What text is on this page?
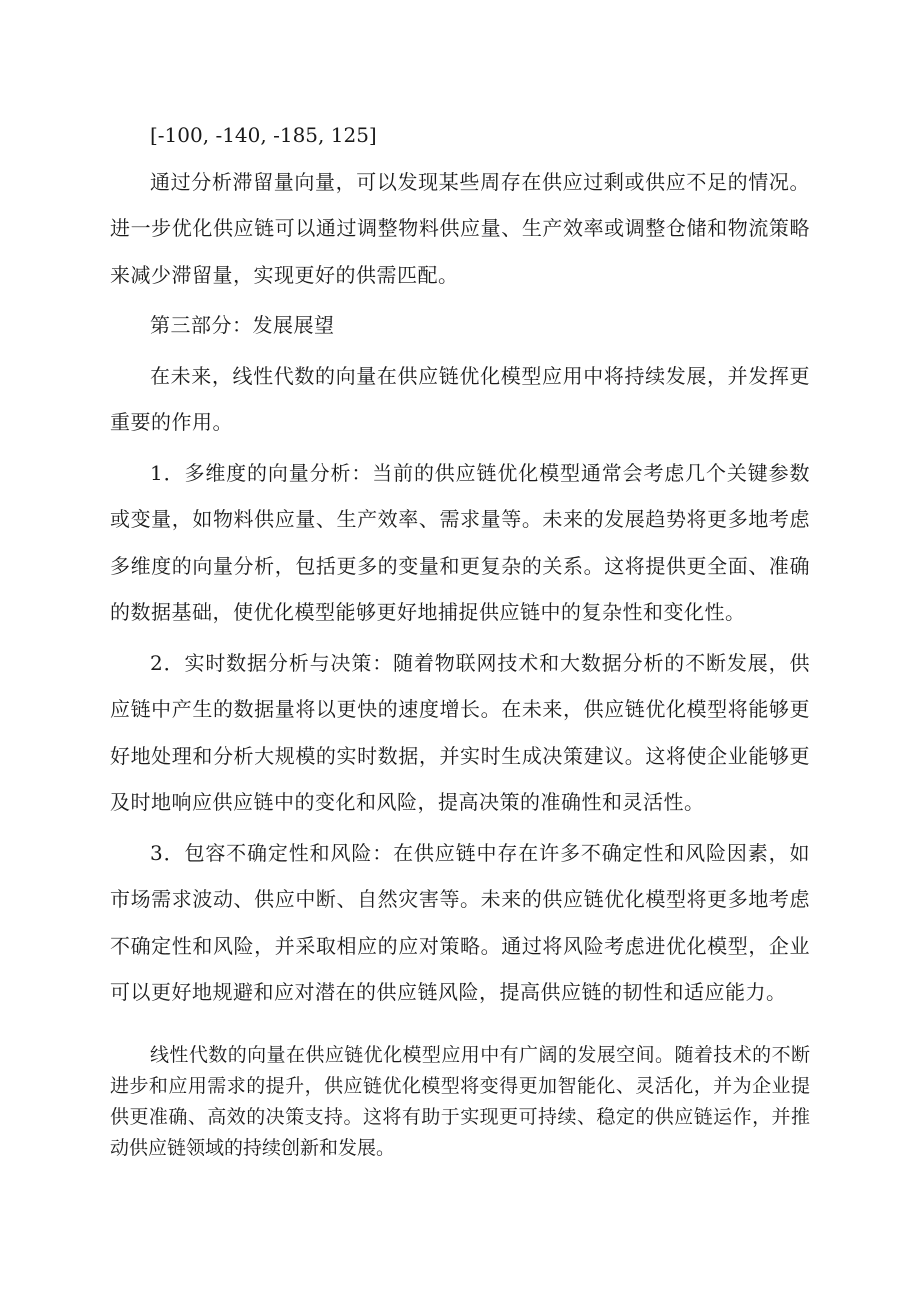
[-100, -140, -185, 125]

通过分析滞留量向量，可以发现某些周存在供应过剩或供应不足的情况。进一步优化供应链可以通过调整物料供应量、生产效率或调整仓储和物流策略来减少滞留量，实现更好的供需匹配。

第三部分：发展展望

在未来，线性代数的向量在供应链优化模型应用中将持续发展，并发挥更重要的作用。

1．多维度的向量分析：当前的供应链优化模型通常会考虑几个关键参数或变量，如物料供应量、生产效率、需求量等。未来的发展趋势将更多地考虑多维度的向量分析，包括更多的变量和更复杂的关系。这将提供更全面、准确的数据基础，使优化模型能够更好地捕捉供应链中的复杂性和变化性。

2．实时数据分析与决策：随着物联网技术和大数据分析的不断发展，供应链中产生的数据量将以更快的速度增长。在未来，供应链优化模型将能够更好地处理和分析大规模的实时数据，并实时生成决策建议。这将使企业能够更及时地响应供应链中的变化和风险，提高决策的准确性和灵活性。

3．包容不确定性和风险：在供应链中存在许多不确定性和风险因素，如市场需求波动、供应中断、自然灾害等。未来的供应链优化模型将更多地考虑不确定性和风险，并采取相应的应对策略。通过将风险考虑进优化模型，企业可以更好地规避和应对潜在的供应链风险，提高供应链的韧性和适应能力。

线性代数的向量在供应链优化模型应用中有广阔的发展空间。随着技术的不断进步和应用需求的提升，供应链优化模型将变得更加智能化、灵活化，并为企业提供更准确、高效的决策支持。这将有助于实现更可持续、稳定的供应链运作，并推动供应链领域的持续创新和发展。
